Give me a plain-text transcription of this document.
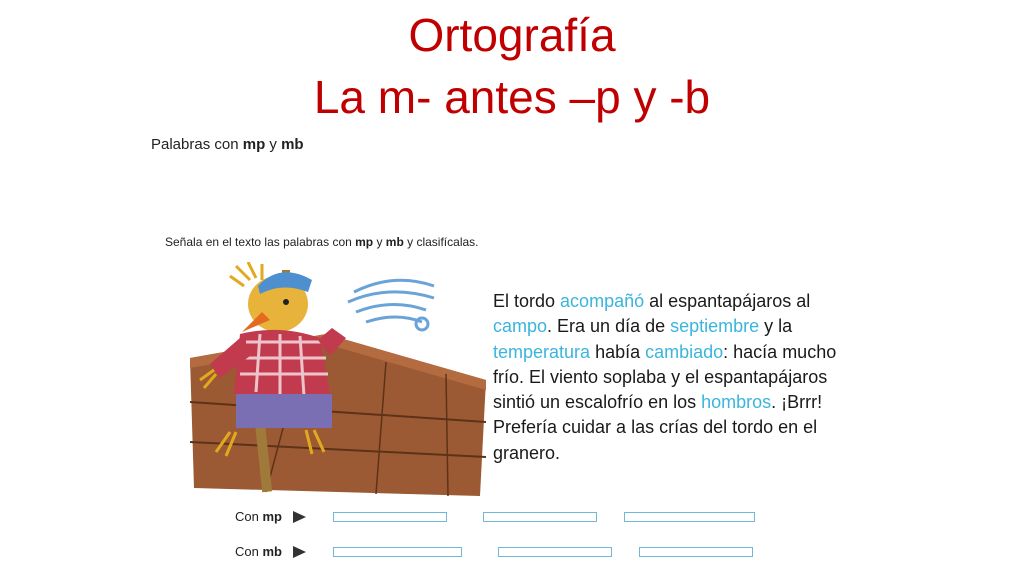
Ortografía
La m- antes –p y -b
Palabras con mp y mb
Señala en el texto las palabras con mp y mb y clasifícalas.
El tordo acompañó al espantapájaros al campo. Era un día de septiembre y la temperatura había cambiado: hacía mucho frío. El viento soplaba y el espantapájaros sintió un escalofrío en los hombros. ¡Brrr! Prefería cuidar a las crías del tordo en el granero.
Con mp
Con mb
